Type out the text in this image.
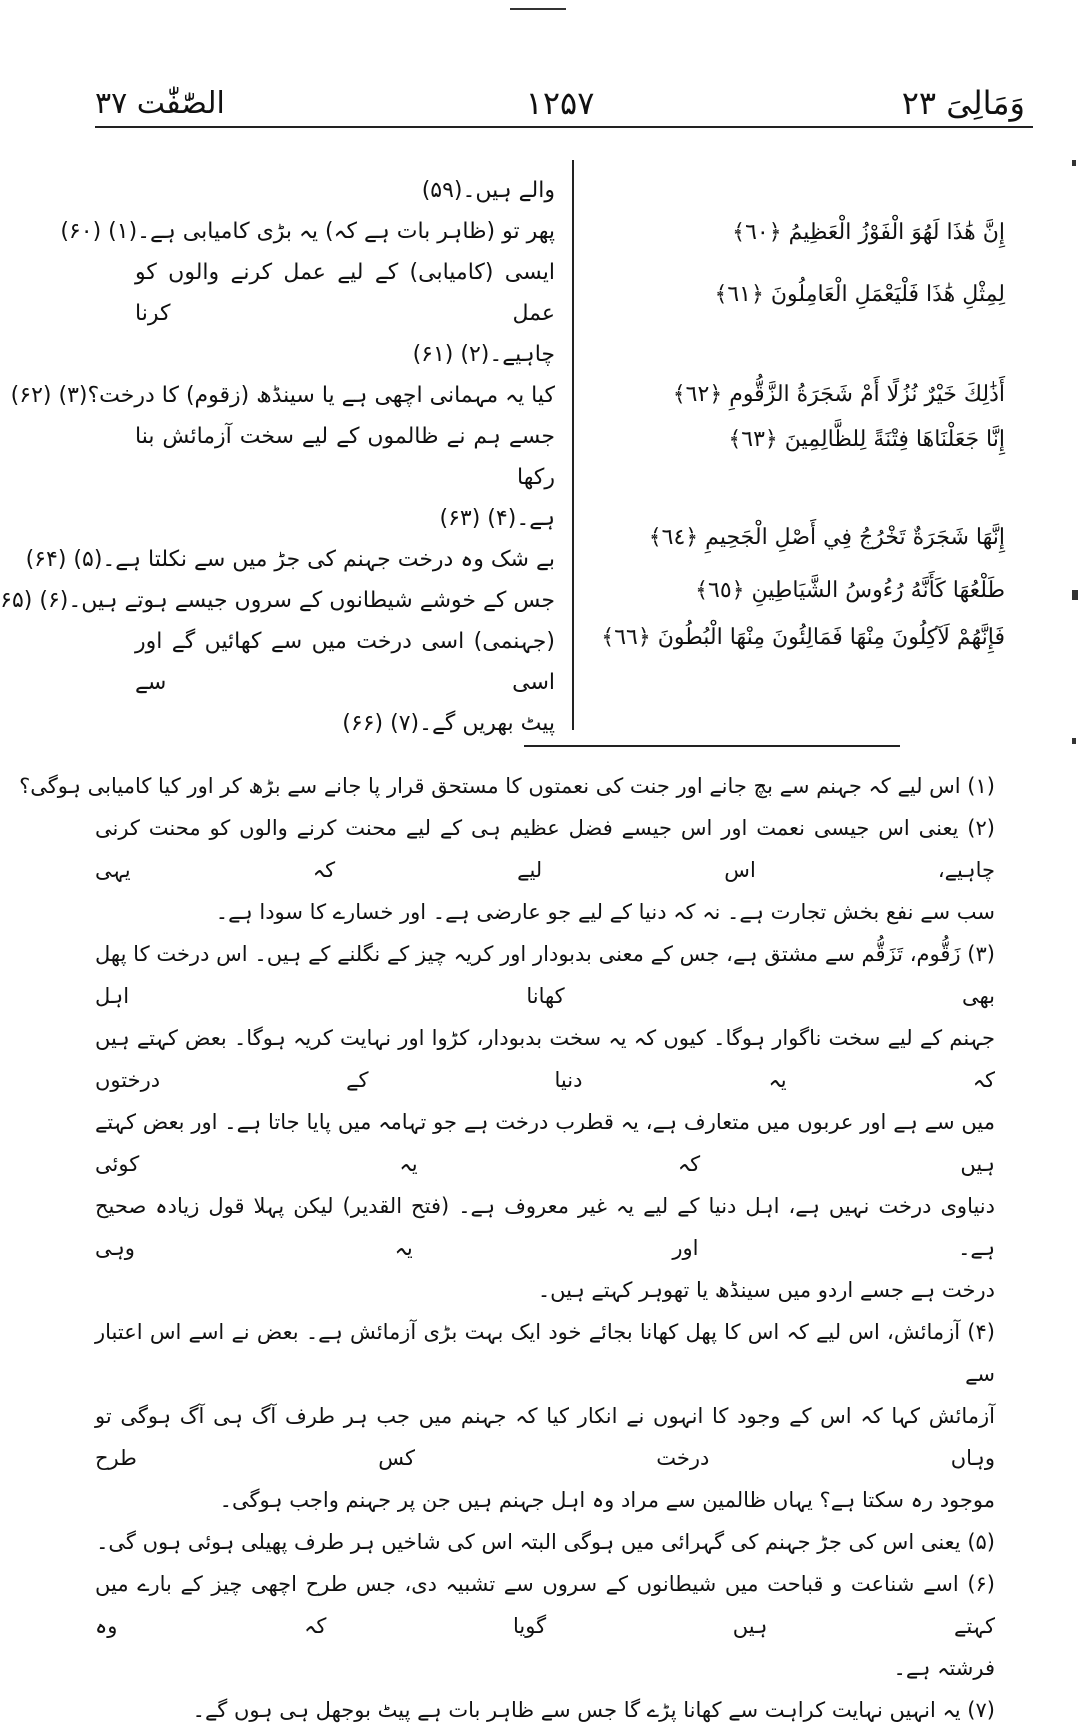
الصّٰفّٰت ۳۷	۱۲۵۷	وَمَالِیَ ۲۳
والے ہیں۔(۵۹)
پھر تو (ظاہر بات ہے کہ) یہ بڑی کامیابی ہے۔(۱) (۶۰)
ایسی (کامیابی) کے لیے عمل کرنے والوں کو عمل کرنا
چاہیے۔(۲) (۶۱)
کیا یہ مہمانی اچھی ہے یا سینڈھ (زقوم) کا درخت؟(۳) (۶۲)
جسے ہم نے ظالموں کے لیے سخت آزمائش بنا رکھا
ہے۔(۴) (۶۳)
بے شک وہ درخت جہنم کی جڑ میں سے نکلتا ہے۔(۵) (۶۴)
جس کے خوشے شیطانوں کے سروں جیسے ہوتے ہیں۔(۶) (۶۵
(جہنمی) اسی درخت میں سے کھائیں گے اور اسی سے
پیٹ بھریں گے۔(۷) (۶۶)
إِنَّ هَٰذَا لَهُوَ الْفَوْزُ الْعَظِيمُ ﴿٦٠﴾
لِمِثْلِ هَٰذَا فَلْيَعْمَلِ الْعَامِلُونَ ﴿٦١﴾
أَذَٰلِكَ خَيْرٌ نُزُلًا أَمْ شَجَرَةُ الزَّقُّومِ ﴿٦٢﴾
إِنَّا جَعَلْنَاهَا فِتْنَةً لِلظَّالِمِينَ ﴿٦٣﴾
إِنَّهَا شَجَرَةٌ تَخْرُجُ فِي أَصْلِ الْجَحِيمِ ﴿٦٤﴾
طَلْعُهَا كَأَنَّهُ رُءُوسُ الشَّيَاطِينِ ﴿٦٥﴾
فَإِنَّهُمْ لَآكِلُونَ مِنْهَا فَمَالِئُونَ مِنْهَا الْبُطُونَ ﴿٦٦﴾
(۱) اس لیے کہ جہنم سے بچ جانے اور جنت کی نعمتوں کا مستحق قرار پا جانے سے بڑھ کر اور کیا کامیابی ہوگی؟
(۲) یعنی اس جیسی نعمت اور اس جیسے فضل عظیم ہی کے لیے محنت کرنے والوں کو محنت کرنی چاہیے، اس لیے کہ یہی
سب سے نفع بخش تجارت ہے۔ نہ کہ دنیا کے لیے جو عارضی ہے۔ اور خسارے کا سودا ہے۔
(۳) زَقُّوم، تَزَقُّم سے مشتق ہے، جس کے معنی بدبودار اور کریہ چیز کے نگلنے کے ہیں۔ اس درخت کا پھل بھی کھانا اہل
جہنم کے لیے سخت ناگوار ہوگا۔ کیوں کہ یہ سخت بدبودار، کڑوا اور نہایت کریہ ہوگا۔ بعض کہتے ہیں کہ یہ دنیا کے درختوں
میں سے ہے اور عربوں میں متعارف ہے، یہ قطرب درخت ہے جو تہامہ میں پایا جاتا ہے۔ اور بعض کہتے ہیں کہ یہ کوئی
دنیاوی درخت نہیں ہے، اہل دنیا کے لیے یہ غیر معروف ہے۔ (فتح القدیر) لیکن پہلا قول زیادہ صحیح ہے۔ اور یہ وہی
درخت ہے جسے اردو میں سینڈھ یا تھوہر کہتے ہیں۔
(۴) آزمائش، اس لیے کہ اس کا پھل کھانا بجائے خود ایک بہت بڑی آزمائش ہے۔ بعض نے اسے اس اعتبار سے
آزمائش کہا کہ اس کے وجود کا انہوں نے انکار کیا کہ جہنم میں جب ہر طرف آگ ہی آگ ہوگی تو وہاں درخت کس طرح
موجود رہ سکتا ہے؟ یہاں ظالمین سے مراد وہ اہل جہنم ہیں جن پر جہنم واجب ہوگی۔
(۵) یعنی اس کی جڑ جہنم کی گہرائی میں ہوگی البتہ اس کی شاخیں ہر طرف پھیلی ہوئی ہوں گی۔
(۶) اسے شناعت و قباحت میں شیطانوں کے سروں سے تشبیہ دی، جس طرح اچھی چیز کے بارے میں کہتے ہیں گویا کہ وہ
فرشتہ ہے۔
(۷) یہ انہیں نہایت کراہت سے کھانا پڑے گا جس سے ظاہر بات ہے پیٹ بوجھل ہی ہوں گے۔
